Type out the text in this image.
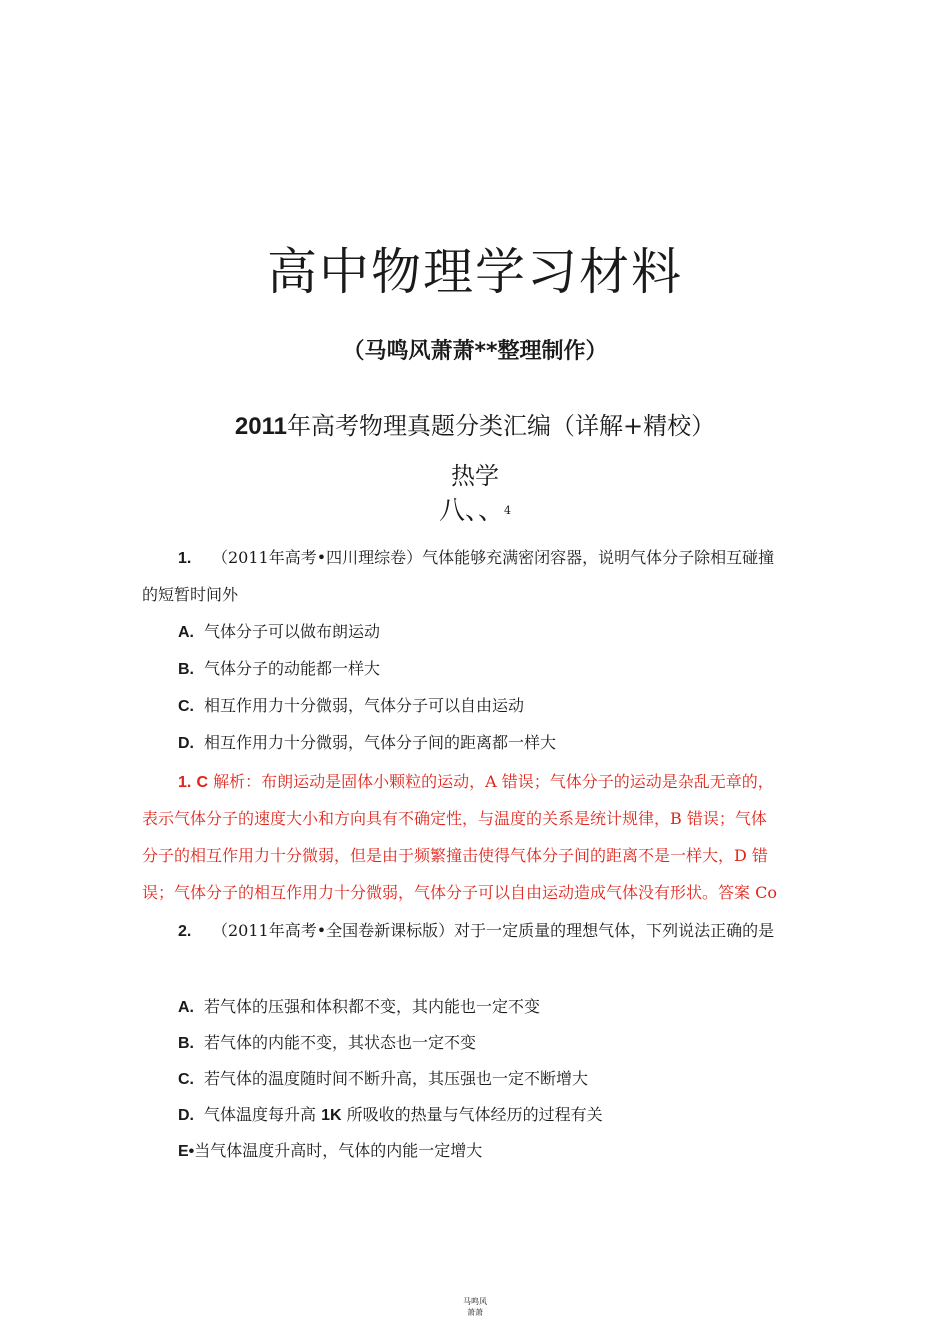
高中物理学习材料
（马鸣风萧萧**整理制作）
2011年高考物理真题分类汇编（详解+精校）
热学
八、、$^4$
1. （2011年高考•四川理综卷）气体能够充满密闭容器，说明气体分子除相互碰撞
的短暂时间外
A. 气体分子可以做布朗运动
B. 气体分子的动能都一样大
C. 相互作用力十分微弱，气体分子可以自由运动
D. 相互作用力十分微弱，气体分子间的距离都一样大
1. C 解析：布朗运动是固体小颗粒的运动，A 错误；气体分子的运动是杂乱无章的，
表示气体分子的速度大小和方向具有不确定性，与温度的关系是统计规律，B 错误；气体
分子的相互作用力十分微弱，但是由于频繁撞击使得气体分子间的距离不是一样大，D 错
误；气体分子的相互作用力十分微弱，气体分子可以自由运动造成气体没有形状。答案 Co
2. （2011年高考•全国卷新课标版）对于一定质量的理想气体，下列说法正确的是
A. 若气体的压强和体积都不变，其内能也一定不变
B. 若气体的内能不变，其状态也一定不变
C. 若气体的温度随时间不断升高，其压强也一定不断增大
D. 气体温度每升高 1K 所吸收的热量与气体经历的过程有关
E•当气体温度升高时，气体的内能一定增大
马鸣风
萧萧
